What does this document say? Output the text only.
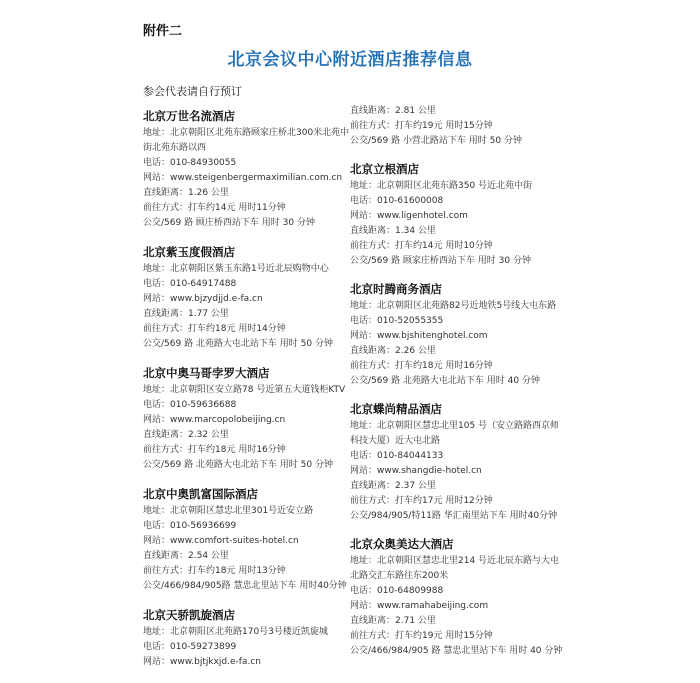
附件二
北京会议中心附近酒店推荐信息
参会代表请自行预订
北京万世名流酒店
地址：北京朝阳区北苑东路顾家庄桥北300米北苑中街北苑东路以西
电话：010-84930055
网站：www.steigenbergermaximilian.com.cn
直线距离：1.26 公里
前往方式：打车约14元 用时11分钟
公交/569 路 顾庄桥西站下车 用时 30 分钟
北京紫玉度假酒店
地址：北京朝阳区紫玉东路1号近北辰购物中心
电话：010-64917488
网站：www.bjzydjjd.e-fa.cn
直线距离：1.77 公里
前往方式：打车约18元 用时14分钟
公交/569 路 北苑路大屯北站下车 用时 50 分钟
北京中奥马哥孛罗大酒店
地址：北京朝阳区安立路78 号近第五大道钱柜KTV
电话：010-59636688
网站：www.marcopolobeijing.cn
直线距离：2.32 公里
前往方式：打车约18元 用时16分钟
公交/569 路 北苑路大屯北站下车 用时 50 分钟
北京中奥凯富国际酒店
地址：北京朝阳区慧忠北里301号近安立路
电话：010-56936699
网站：www.comfort-suites-hotel.cn
直线距离：2.54 公里
前往方式：打车约18元 用时13分钟
公交/466/984/905路 慧忠北里站下车 用时40分钟
北京天骄凯旋酒店
地址：北京朝阳区北苑路170号3号楼近凯旋城
电话：010-59273899
网站：www.bjtjkxjd.e-fa.cn
直线距离：2.81 公里
前往方式：打车约19元 用时15分钟
公交/569 路 小营北路站下车 用时 50 分钟
北京立根酒店
地址：北京朝阳区北苑东路350 号近北苑中街
电话：010-61600008
网站：www.ligenhotel.com
直线距离：1.34 公里
前往方式：打车约14元 用时10分钟
公交/569 路 顾家庄桥西站下车 用时 30 分钟
北京时腾商务酒店
地址：北京朝阳区北苑路82号近地铁5号线大屯东路
电话：010-52055355
网站：www.bjshitenghotel.com
直线距离：2.26 公里
前往方式：打车约18元 用时16分钟
公交/569 路 北苑路大屯北站下车 用时 40 分钟
北京蝶尚精品酒店
地址：北京朝阳区慧忠北里105 号（安立路路西京师科技大厦）近大屯北路
电话：010-84044133
网站：www.shangdie-hotel.cn
直线距离：2.37 公里
前往方式：打车约17元 用时12分钟
公交/984/905/特11路 华汇南里站下车 用时40分钟
北京众奥美达大酒店
地址：北京朝阳区慧忠北里214 号近北辰东路与大屯北路交汇东路往东200米
电话：010-64809988
网站：www.ramahabeijing.com
直线距离：2.71 公里
前往方式：打车约19元 用时15分钟
公交/466/984/905 路 慧忠北里站下车 用时 40 分钟
